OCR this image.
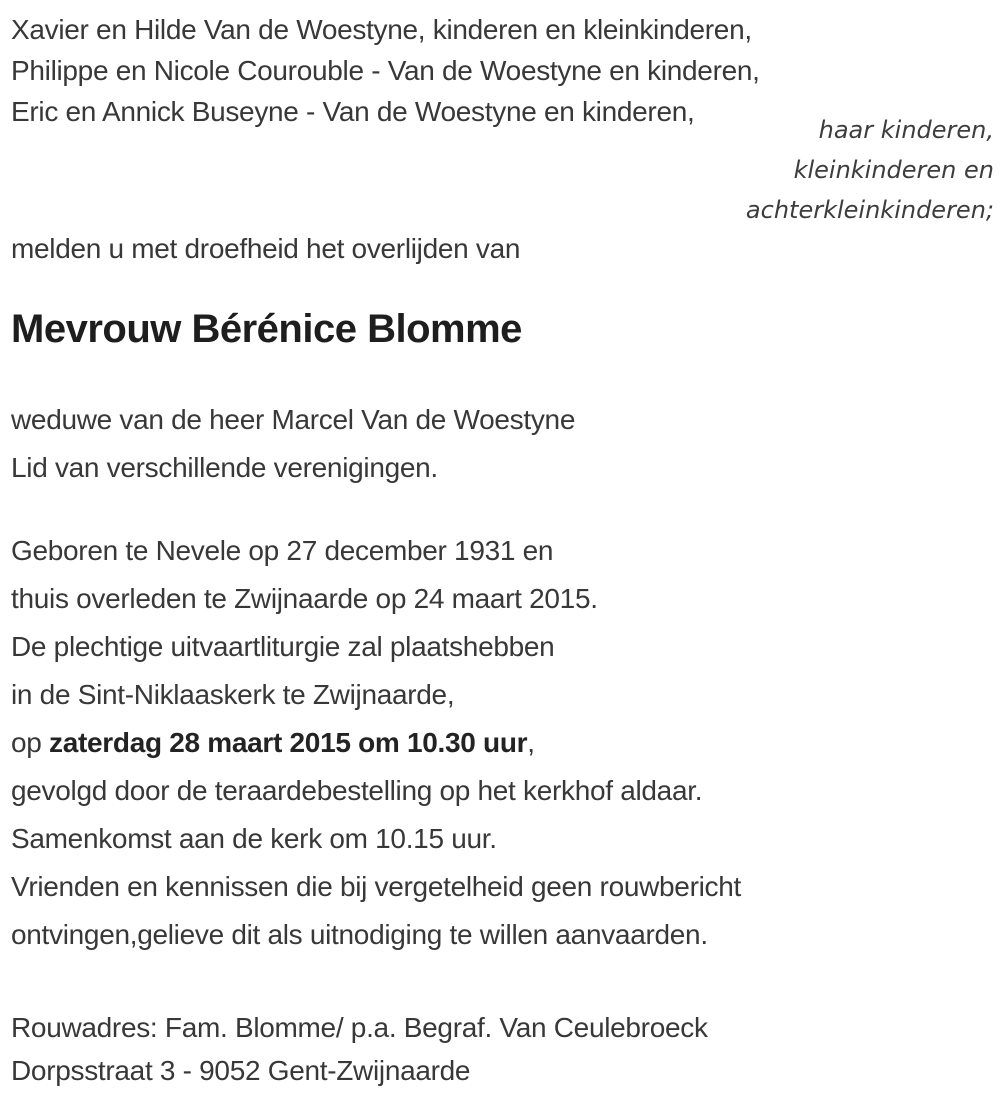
Xavier en Hilde Van de Woestyne, kinderen en kleinkinderen,
Philippe en Nicole Courouble - Van de Woestyne en kinderen,
Eric en Annick Buseyne - Van de Woestyne en kinderen,
haar kinderen,
kleinkinderen en
achterkleinkinderen;
melden u met droefheid het overlijden van
Mevrouw Bérénice Blomme
weduwe van de heer Marcel Van de Woestyne
Lid van verschillende verenigingen.
Geboren te Nevele op 27 december 1931 en
thuis overleden te Zwijnaarde op 24 maart 2015.
De plechtige uitvaartliturgie zal plaatshebben
in de Sint-Niklaaskerk te Zwijnaarde,
op zaterdag 28 maart 2015 om 10.30 uur,
gevolgd door de teraardebestelling op het kerkhof aldaar.
Samenkomst aan de kerk om 10.15 uur.
Vrienden en kennissen die bij vergetelheid geen rouwbericht
ontvingen,gelieve dit als uitnodiging te willen aanvaarden.
Rouwadres: Fam. Blomme/ p.a. Begraf. Van Ceulebroeck
Dorpsstraat 3 - 9052 Gent-Zwijnaarde
